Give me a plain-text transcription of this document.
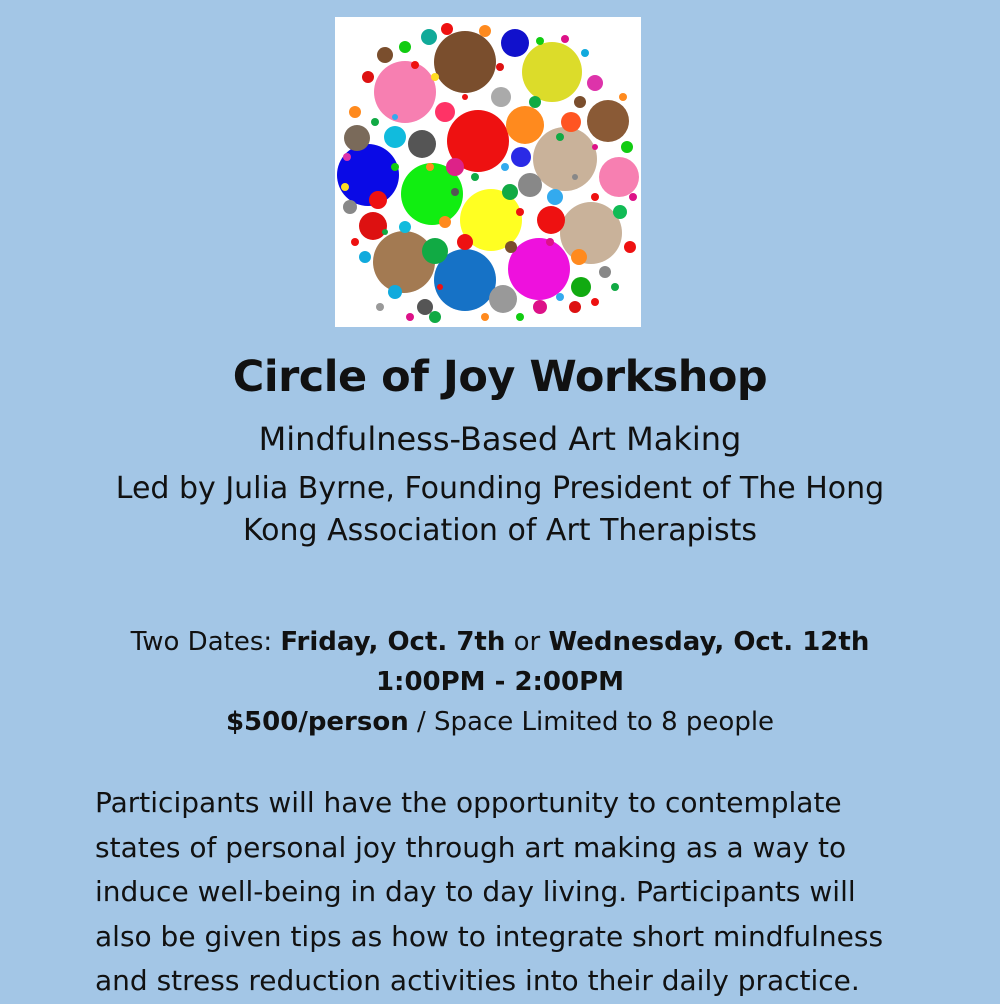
Circle of Joy Workshop
Mindfulness-Based Art Making
Led by Julia Byrne, Founding President of The Hong
Kong Association of Art Therapists
Two Dates: Friday, Oct. 7th or Wednesday, Oct. 12th
1:00PM - 2:00PM
$500/person / Space Limited to 8 people
Participants will have the opportunity to contemplate
states of personal joy through art making as a way to
induce well-being in day to day living. Participants will
also be given tips as how to integrate short mindfulness
and stress reduction activities into their daily practice.
